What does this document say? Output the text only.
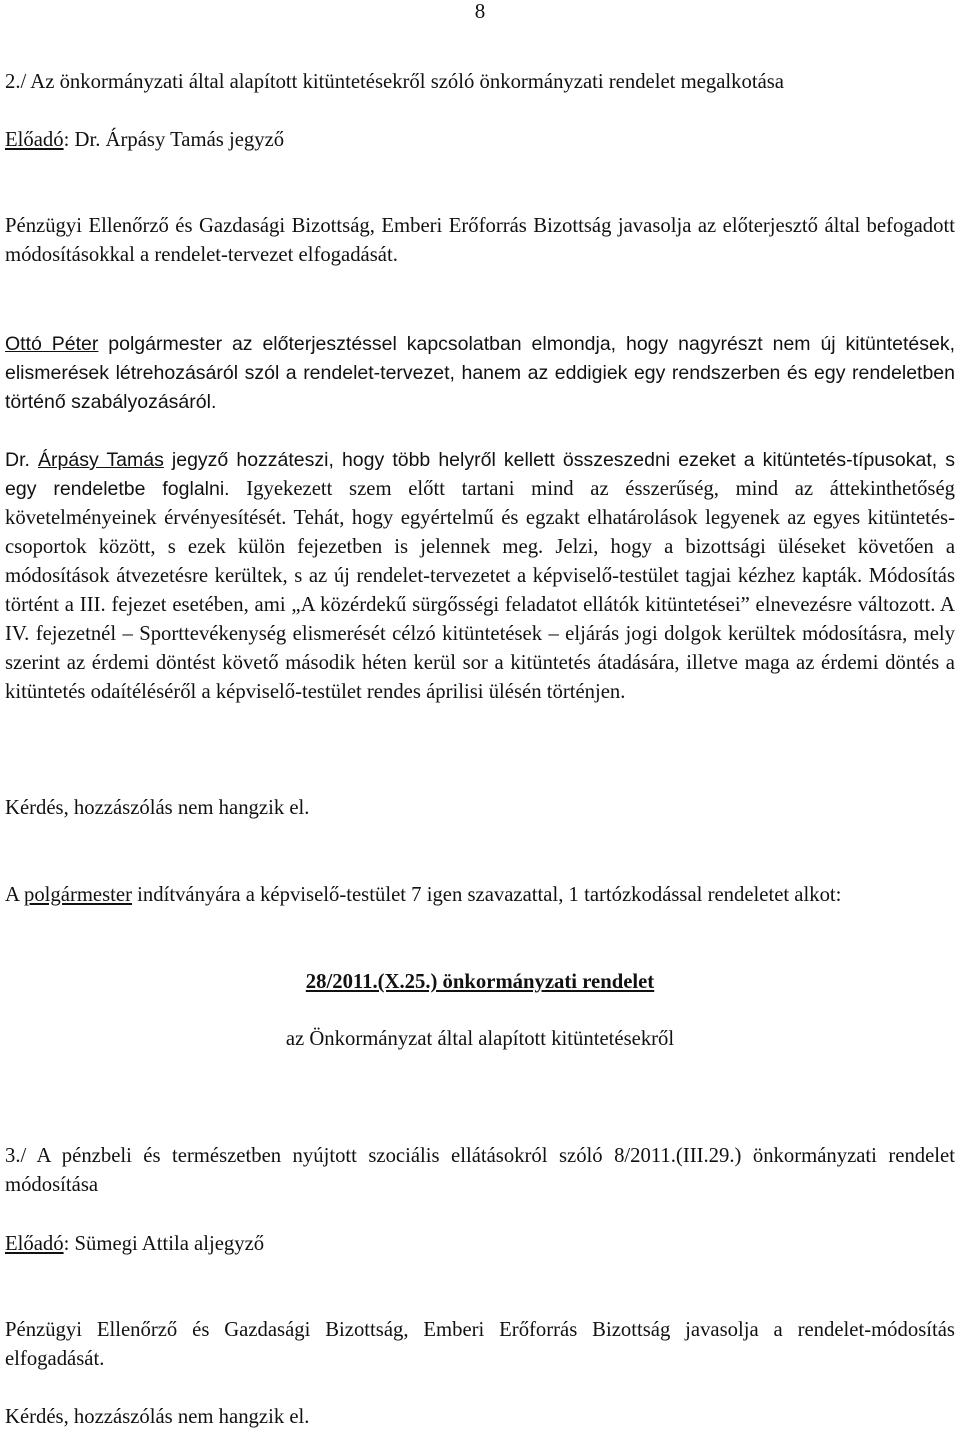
8

2./ Az önkormányzati által alapított kitüntetésekről szóló önkormányzati rendelet megalkotása

Előadó: Dr. Árpásy Tamás jegyző

Pénzügyi Ellenőrző és Gazdasági Bizottság, Emberi Erőforrás Bizottság javasolja az előterjesztő által befogadott módosításokkal a rendelet-tervezet elfogadását.

Ottó Péter polgármester az előterjesztéssel kapcsolatban elmondja, hogy nagyrészt nem új kitüntetések, elismerések létrehozásáról szól a rendelet-tervezet, hanem az eddigiek egy rendszerben és egy rendeletben történő szabályozásáról.

Dr. Árpásy Tamás jegyző hozzáteszi, hogy több helyről kellett összeszedni ezeket a kitüntetés-típusokat, s egy rendeletbe foglalni. Igyekezett szem előtt tartani mind az ésszerűség, mind az áttekinthetőség követelményeinek érvényesítését. Tehát, hogy egyértelmű és egzakt elhatárolások legyenek az egyes kitüntetés-csoportok között, s ezek külön fejezetben is jelennek meg. Jelzi, hogy a bizottsági üléseket követően a módosítások átvezetésre kerültek, s az új rendelet-tervezetet a képviselő-testület tagjai kézhez kapták. Módosítás történt a III. fejezet esetében, ami „A közérdekű sürgősségi feladatot ellátók kitüntetései” elnevezésre változott. A IV. fejezetnél – Sporttevékenység elismerését célzó kitüntetések – eljárás jogi dolgok kerültek módosításra, mely szerint az érdemi döntést követő második héten kerül sor a kitüntetés átadására, illetve maga az érdemi döntés a kitüntetés odaítéléséről a képviselő-testület rendes áprilisi ülésén történjen.

Kérdés, hozzászólás nem hangzik el.

A polgármester indítványára a képviselő-testület 7 igen szavazattal, 1 tartózkodással rendeletet alkot:

28/2011.(X.25.) önkormányzati rendelet

az Önkormányzat által alapított kitüntetésekről

3./ A pénzbeli és természetben nyújtott szociális ellátásokról szóló 8/2011.(III.29.) önkormányzati rendelet módosítása

Előadó: Sümegi Attila aljegyző

Pénzügyi Ellenőrző és Gazdasági Bizottság, Emberi Erőforrás Bizottság javasolja a rendelet-módosítás elfogadását.

Kérdés, hozzászólás nem hangzik el.
